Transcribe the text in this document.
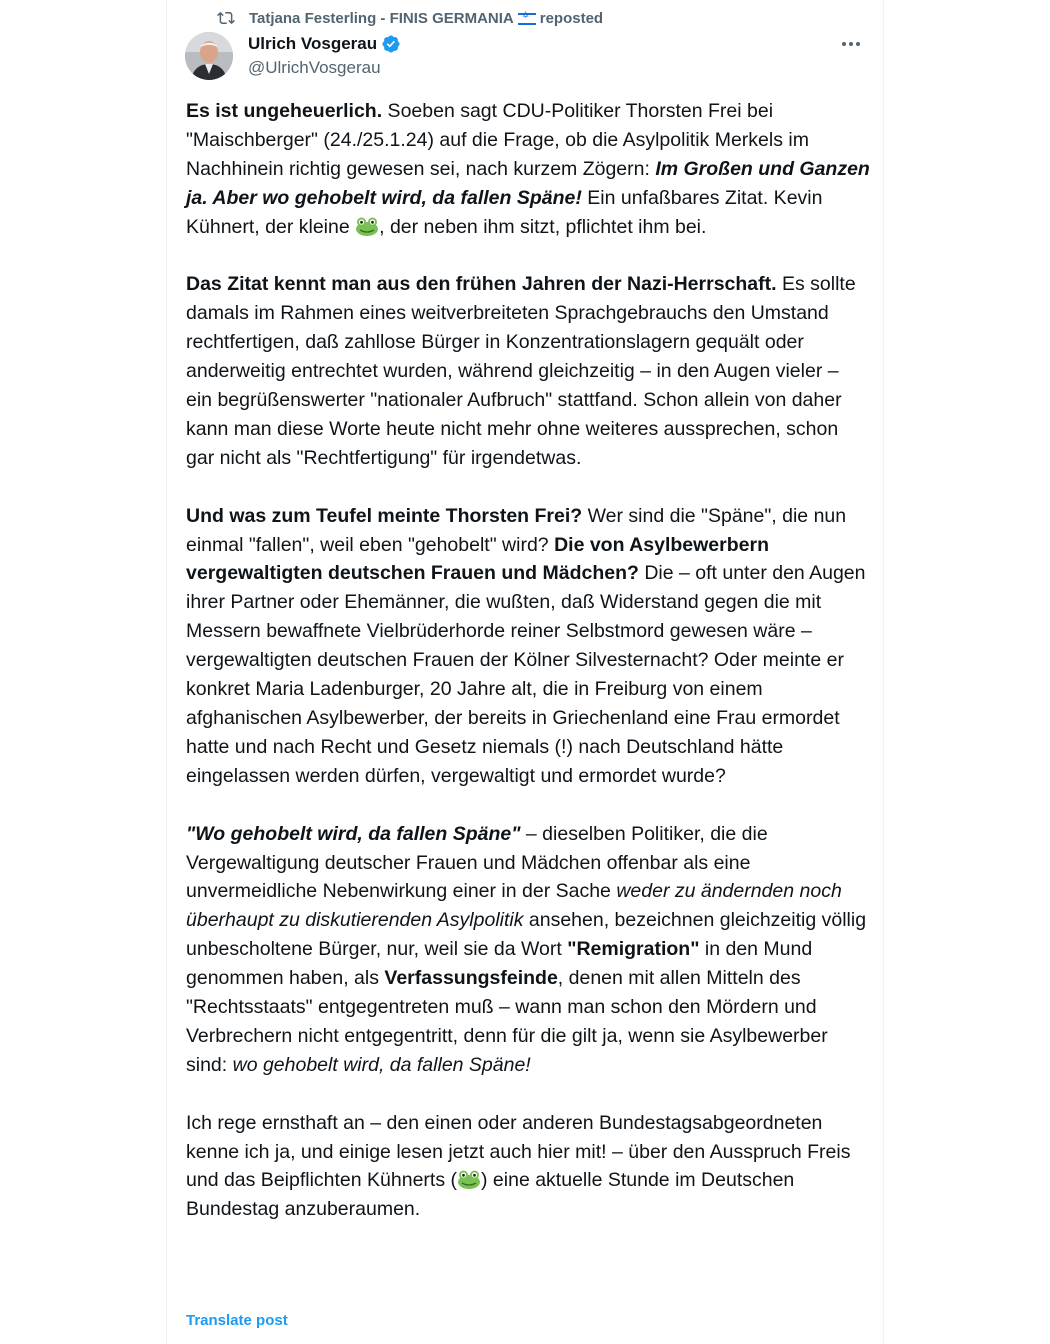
Tatjana Festerling - FINIS GERMANIA
✡ reposted
Ulrich Vosgerau
@UlrichVosgerau

Es ist ungeheuerlich. Soeben sagt CDU-Politiker Thorsten Frei bei "Maischberger" (24./25.1.24) auf die Frage, ob die Asylpolitik Merkels im Nachhinein richtig gewesen sei, nach kurzem Zögern: Im Großen und Ganzen ja. Aber wo gehobelt wird, da fallen Späne! Ein unfaßbares Zitat. Kevin Kühnert, der kleine , der neben ihm sitzt, pflichtet ihm bei.

Das Zitat kennt man aus den frühen Jahren der Nazi-Herrschaft. Es sollte damals im Rahmen eines weitverbreiteten Sprachgebrauchs den Umstand rechtfertigen, daß zahllose Bürger in Konzentrationslagern gequält oder anderweitig entrechtet wurden, während gleichzeitig – in den Augen vieler – ein begrüßenswerter "nationaler Aufbruch" stattfand. Schon allein von daher kann man diese Worte heute nicht mehr ohne weiteres aussprechen, schon gar nicht als "Rechtfertigung" für irgendetwas.

Und was zum Teufel meinte Thorsten Frei? Wer sind die "Späne", die nun einmal "fallen", weil eben "gehobelt" wird? Die von Asylbewerbern vergewaltigten deutschen Frauen und Mädchen? Die – oft unter den Augen ihrer Partner oder Ehemänner, die wußten, daß Widerstand gegen die mit Messern bewaffnete Vielbrüderhorde reiner Selbstmord gewesen wäre – vergewaltigten deutschen Frauen der Kölner Silvesternacht? Oder meinte er konkret Maria Ladenburger, 20 Jahre alt, die in Freiburg von einem afghanischen Asylbewerber, der bereits in Griechenland eine Frau ermordet hatte und nach Recht und Gesetz niemals (!) nach Deutschland hätte eingelassen werden dürfen, vergewaltigt und ermordet wurde?

"Wo gehobelt wird, da fallen Späne" – dieselben Politiker, die die Vergewaltigung deutscher Frauen und Mädchen offenbar als eine unvermeidliche Nebenwirkung einer in der Sache weder zu ändernden noch überhaupt zu diskutierenden Asylpolitik ansehen, bezeichnen gleichzeitig völlig unbescholtene Bürger, nur, weil sie da Wort "Remigration" in den Mund genommen haben, als Verfassungsfeinde, denen mit allen Mitteln des "Rechtsstaats" entgegentreten muß – wann man schon den Mördern und Verbrechern nicht entgegentritt, denn für die gilt ja, wenn sie Asylbewerber sind: wo gehobelt wird, da fallen Späne!

Ich rege ernsthaft an – den einen oder anderen Bundestagsabgeordneten kenne ich ja, und einige lesen jetzt auch hier mit! – über den Ausspruch Freis und das Beipflichten Kühnerts ( ) eine aktuelle Stunde im Deutschen Bundestag anzuberaumen.

Translate post
